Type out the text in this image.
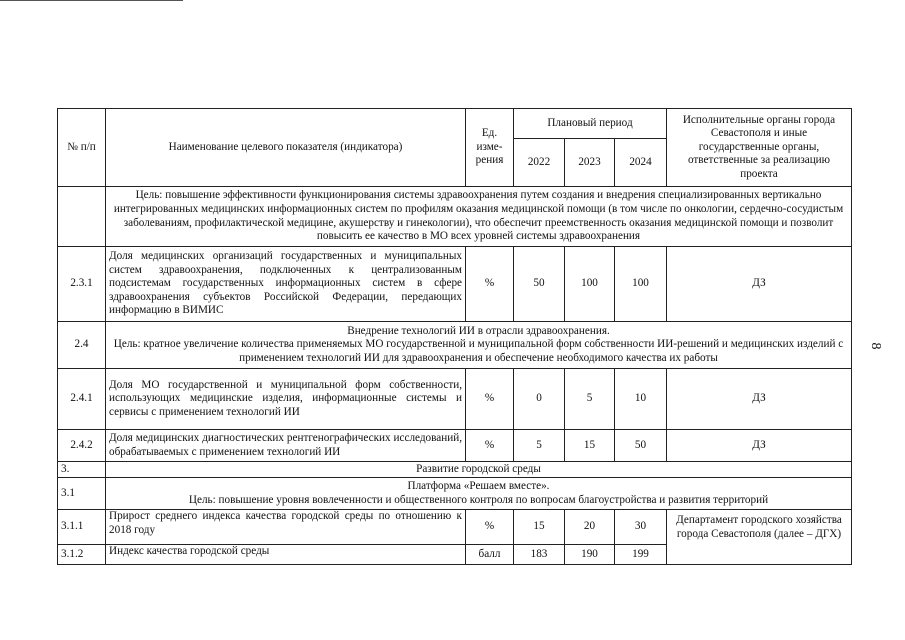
8
№ п/п	Наименование целевого показателя (индикатора)	Ед. изме-рения	Плановый период			Исполнительные органы города Севастополя и иные государственные органы, ответственные за реализацию проекта
			2022	2023	2024	
	Цель: повышение эффективности функционирования системы здравоохранения путем создания и внедрения специализированных вертикально интегрированных медицинских информационных систем по профилям оказания медицинской помощи (в том числе по онкологии, сердечно-сосудистым заболеваниям, профилактической медицине, акушерству и гинекологии), что обеспечит преемственность оказания медицинской помощи и позволит повысить ее качество в МО всех уровней системы здравоохранения					
2.3.1	Доля медицинских организаций государственных и муниципальных систем здравоохранения, подключенных к централизованным подсистемам государственных информационных систем в сфере здравоохранения субъектов Российской Федерации, передающих информацию в ВИМИС	%	50	100	100	ДЗ
2.4	Внедрение технологий ИИ в отрасли здравоохранения.
Цель: кратное увеличение количества применяемых МО государственной и муниципальной форм собственности ИИ-решений и медицинских изделий с применением технологий ИИ для здравоохранения и обеспечение необходимого качества их работы					

2.4.1	Доля МО государственной и муниципальной форм собственности, использующих медицинские изделия, информационные системы и сервисы с применением технологий ИИ	%	0	5	10	ДЗ
2.4.2	Доля медицинских диагностических рентгенографических исследований, обрабатываемых с применением технологий ИИ	%	5	15	50	ДЗ
3.	Развитие городской среды					
3.1	Платформа «Решаем вместе».
Цель: повышение уровня вовлеченности и общественного контроля по вопросам благоустройства и развития территорий					

3.1.1	Прирост среднего индекса качества городской среды по отношению к 2018 году	%	15	20	30	Департамент городского хозяйства города Севастополя (далее – ДГХ)
3.1.2	Индекс качества городской среды	балл	183	190	199	
